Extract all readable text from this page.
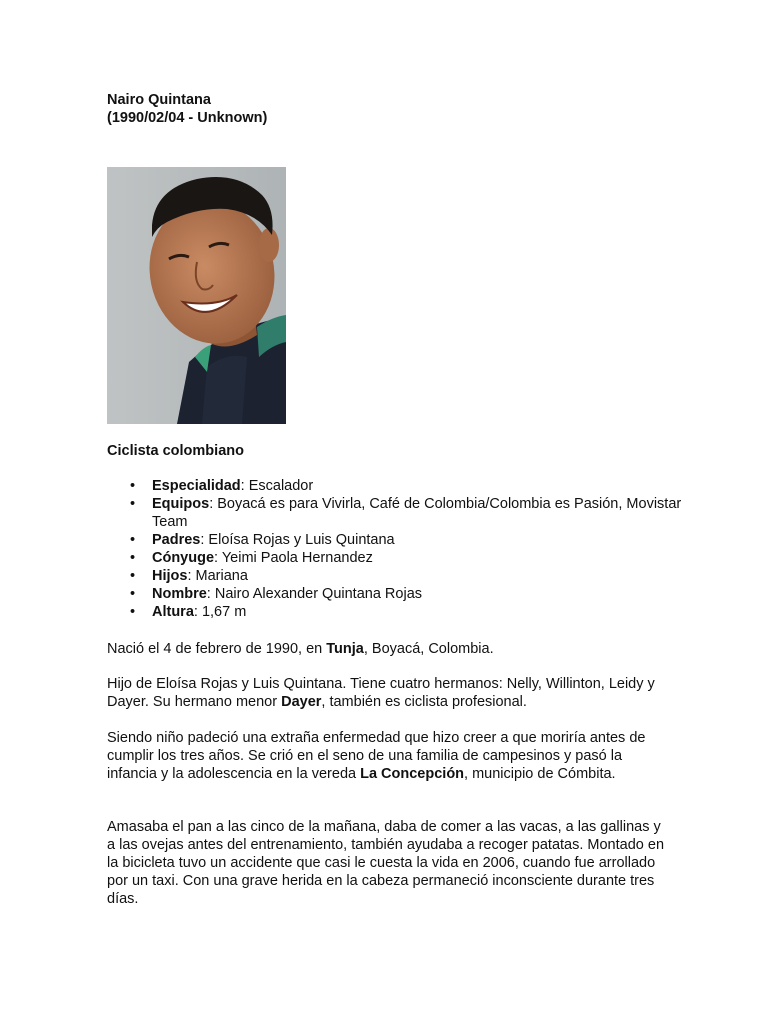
Nairo Quintana

(1990/02/04 - Unknown)

Ciclista colombiano

• Especialidad: Escalador
• Equipos: Boyacá es para Vivirla, Café de Colombia/Colombia es Pasión, Movistar Team
• Padres: Eloísa Rojas y Luis Quintana
• Cónyuge: Yeimi Paola Hernandez
• Hijos: Mariana
• Nombre: Nairo Alexander Quintana Rojas
• Altura: 1,67 m

Nació el 4 de febrero de 1990, en Tunja, Boyacá, Colombia.

Hijo de Eloísa Rojas y Luis Quintana. Tiene cuatro hermanos: Nelly, Willinton, Leidy y Dayer. Su hermano menor Dayer, también es ciclista profesional.

Siendo niño padeció una extraña enfermedad que hizo creer a que moriría antes de cumplir los tres años. Se crió en el seno de una familia de campesinos y pasó la infancia y la adolescencia en la vereda La Concepción, municipio de Cómbita.

Amasaba el pan a las cinco de la mañana, daba de comer a las vacas, a las gallinas y a las ovejas antes del entrenamiento, también ayudaba a recoger patatas. Montado en la bicicleta tuvo un accidente que casi le cuesta la vida en 2006, cuando fue arrollado por un taxi. Con una grave herida en la cabeza permaneció inconsciente durante tres días.
